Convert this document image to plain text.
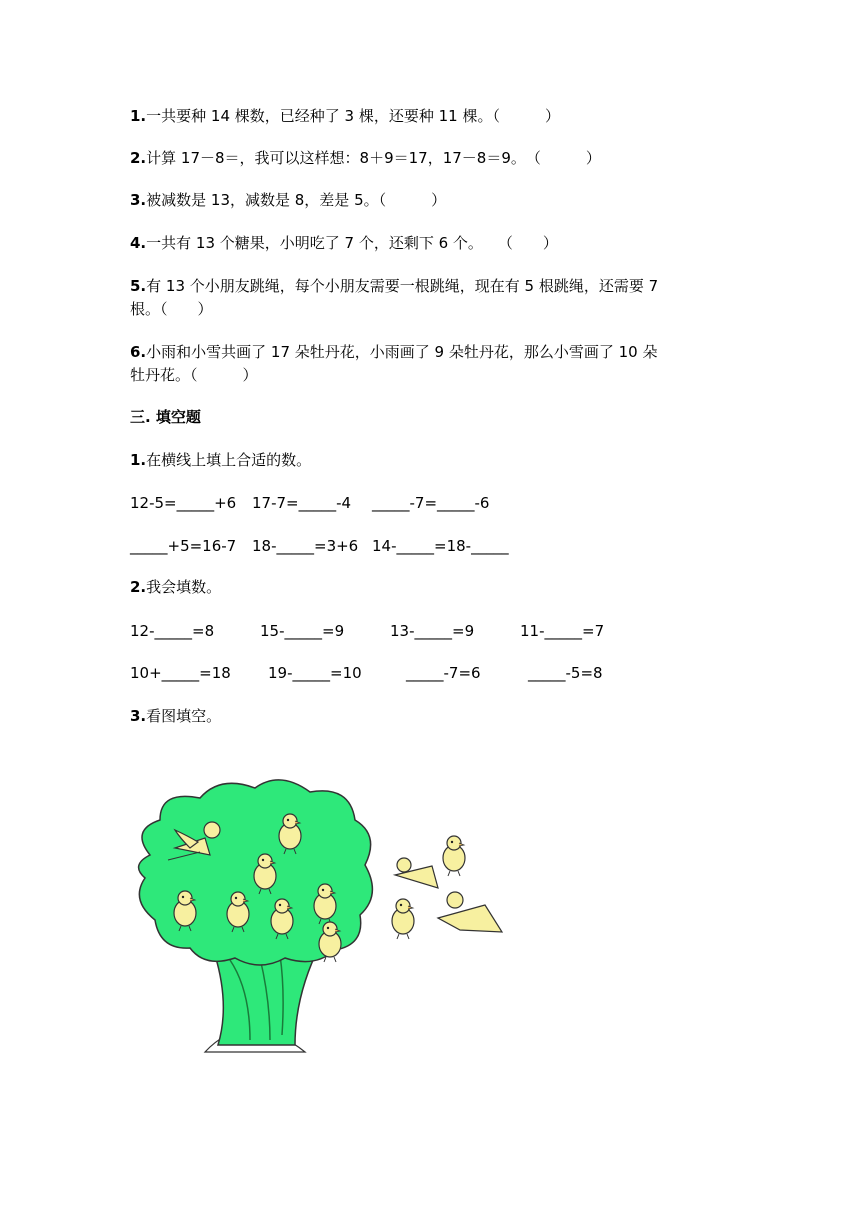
1.一共要种 14 棵数，已经种了 3 棵，还要种 11 棵。（　　　）
2.计算 17－8＝，我可以这样想：8＋9＝17，17－8＝9。　（　　　）
3.被减数是 13，减数是 8，差是 5。（　　　）
4.一共有 13 个糖果，小明吃了 7 个，还剩下 6 个。　　（　　）
5.有 13 个小朋友跳绳，每个小朋友需要一根跳绳，现在有 5 根跳绳，还需要 7
根。（　　）
6.小雨和小雪共画了 17 朵牡丹花，小雨画了 9 朵牡丹花，那么小雪画了 10 朵
牡丹花。（　　　）
三. 填空题
1.在横线上填上合适的数。
12-5=_____+6 17-7=_____-4 _____-7=_____-6
_____+5=16-7 18-_____=3+6 14-_____=18-_____
2.我会填数。
12-_____=8	15-_____=9	13-_____=9	11-_____=7
10+_____=18 19-_____=10	_____-7=6	_____-5=8
3.看图填空。
